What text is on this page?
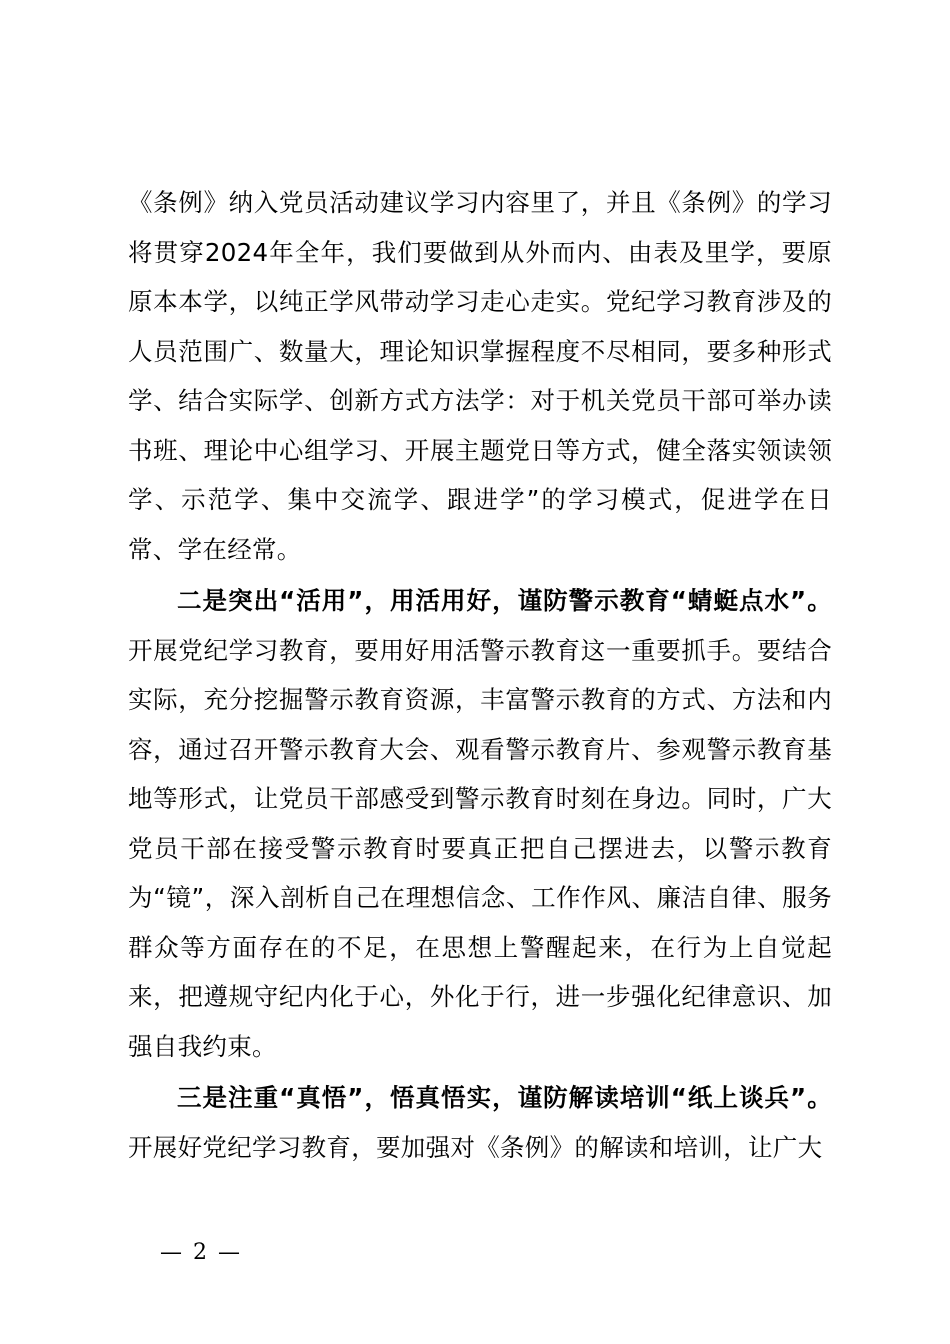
《条例》纳入党员活动建议学习内容里了，并且《条例》的学习将贯穿2024年全年，我们要做到从外而内、由表及里学，要原原本本学，以纯正学风带动学习走心走实。党纪学习教育涉及的人员范围广、数量大，理论知识掌握程度不尽相同，要多种形式学、结合实际学、创新方式方法学：对于机关党员干部可举办读书班、理论中心组学习、开展主题党日等方式，健全落实领读领学、示范学、集中交流学、跟进学”的学习模式，促进学在日常、学在经常。

二是突出“活用”，用活用好，谨防警示教育“蜻蜓点水”。开展党纪学习教育，要用好用活警示教育这一重要抓手。要结合实际，充分挖掘警示教育资源，丰富警示教育的方式、方法和内容，通过召开警示教育大会、观看警示教育片、参观警示教育基地等形式，让党员干部感受到警示教育时刻在身边。同时，广大党员干部在接受警示教育时要真正把自己摆进去，以警示教育为“镜”，深入剖析自己在理想信念、工作作风、廉洁自律、服务群众等方面存在的不足，在思想上警醒起来，在行为上自觉起来，把遵规守纪内化于心，外化于行，进一步强化纪律意识、加强自我约束。

三是注重“真悟”，悟真悟实，谨防解读培训“纸上谈兵”。开展好党纪学习教育，要加强对《条例》的解读和培训，让广大

— 2 —
